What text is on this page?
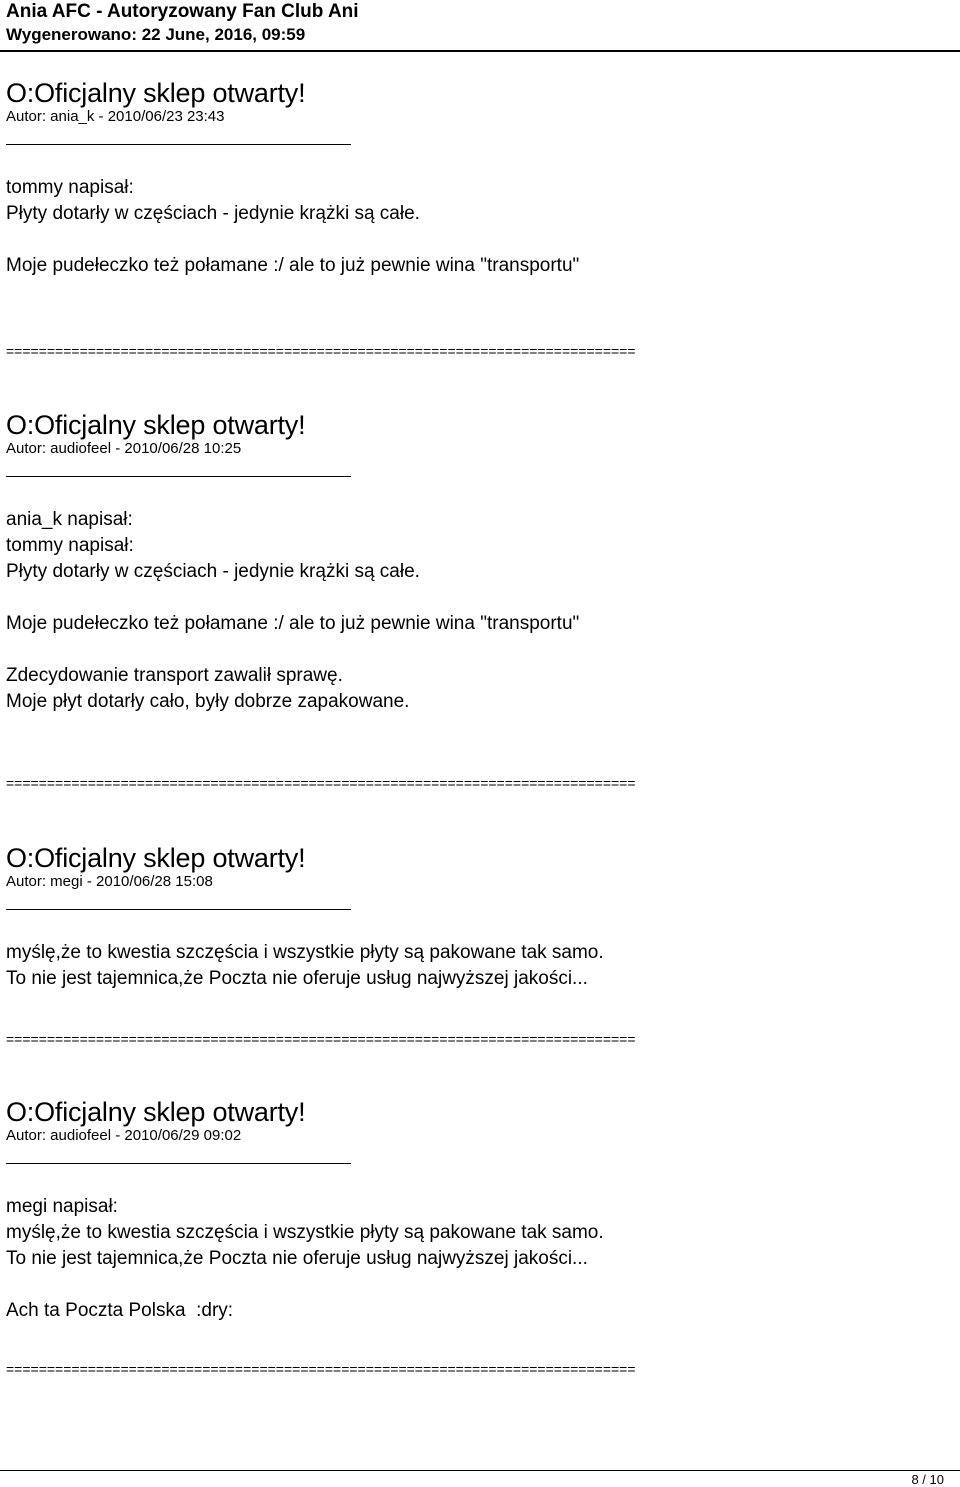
Ania AFC - Autoryzowany Fan Club Ani
Wygenerowano: 22 June, 2016, 09:59
O:Oficjalny sklep otwarty!
Autor: ania_k - 2010/06/23 23:43
tommy napisał:
Płyty dotarły w częściach - jedynie krążki są całe.
Moje pudełeczko też połamane :/ ale to już pewnie wina "transportu"
=============================================================================
O:Oficjalny sklep otwarty!
Autor: audiofeel - 2010/06/28 10:25
ania_k napisał:
tommy napisał:
Płyty dotarły w częściach - jedynie krążki są całe.
Moje pudełeczko też połamane :/ ale to już pewnie wina "transportu"
Zdecydowanie transport zawalił sprawę.
Moje płyt dotarły cało, były dobrze zapakowane.
=============================================================================
O:Oficjalny sklep otwarty!
Autor: megi - 2010/06/28 15:08
myślę,że to kwestia szczęścia i wszystkie płyty są pakowane tak samo.
To nie jest tajemnica,że Poczta nie oferuje usług najwyższej jakości...
=============================================================================
O:Oficjalny sklep otwarty!
Autor: audiofeel - 2010/06/29 09:02
megi napisał:
myślę,że to kwestia szczęścia i wszystkie płyty są pakowane tak samo.
To nie jest tajemnica,że Poczta nie oferuje usług najwyższej jakości...
Ach ta Poczta Polska  :dry:
=============================================================================
8 / 10
